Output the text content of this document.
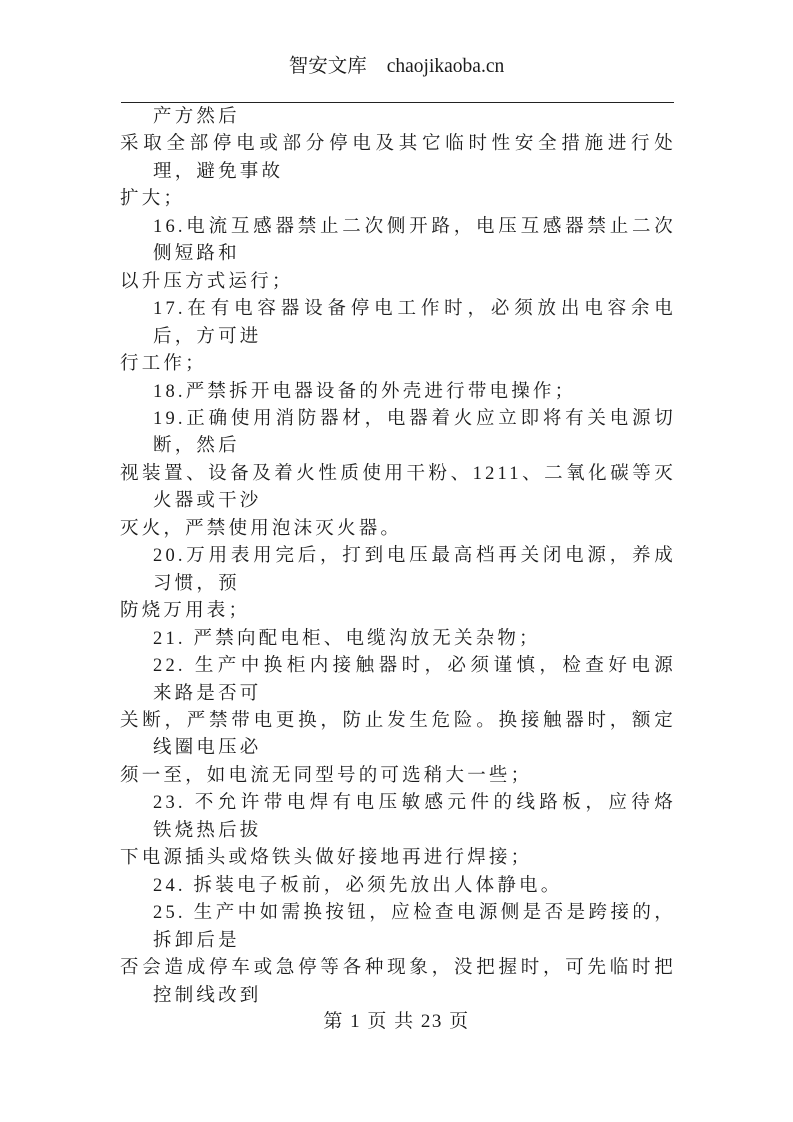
智安文库 chaojikaoba.cn
产方然后
采取全部停电或部分停电及其它临时性安全措施进行处
理，避免事故
扩大；
16.电流互感器禁止二次侧开路，电压互感器禁止二次
侧短路和
以升压方式运行；
17.在有电容器设备停电工作时，必须放出电容余电
后，方可进
行工作；
18.严禁拆开电器设备的外壳进行带电操作；
19.正确使用消防器材，电器着火应立即将有关电源切
断，然后
视装置、设备及着火性质使用干粉、1211、二氧化碳等灭
火器或干沙
灭火，严禁使用泡沫灭火器。
20.万用表用完后，打到电压最高档再关闭电源，养成
习惯，预
防烧万用表；
21. 严禁向配电柜、电缆沟放无关杂物；
22. 生产中换柜内接触器时，必须谨慎，检查好电源
来路是否可
关断，严禁带电更换，防止发生危险。换接触器时，额定
线圈电压必
须一至，如电流无同型号的可选稍大一些；
23. 不允许带电焊有电压敏感元件的线路板，应待烙
铁烧热后拔
下电源插头或烙铁头做好接地再进行焊接；
24. 拆装电子板前，必须先放出人体静电。
25. 生产中如需换按钮，应检查电源侧是否是跨接的，
拆卸后是
否会造成停车或急停等各种现象，没把握时，可先临时把
控制线改到
第 1 页 共 23 页
